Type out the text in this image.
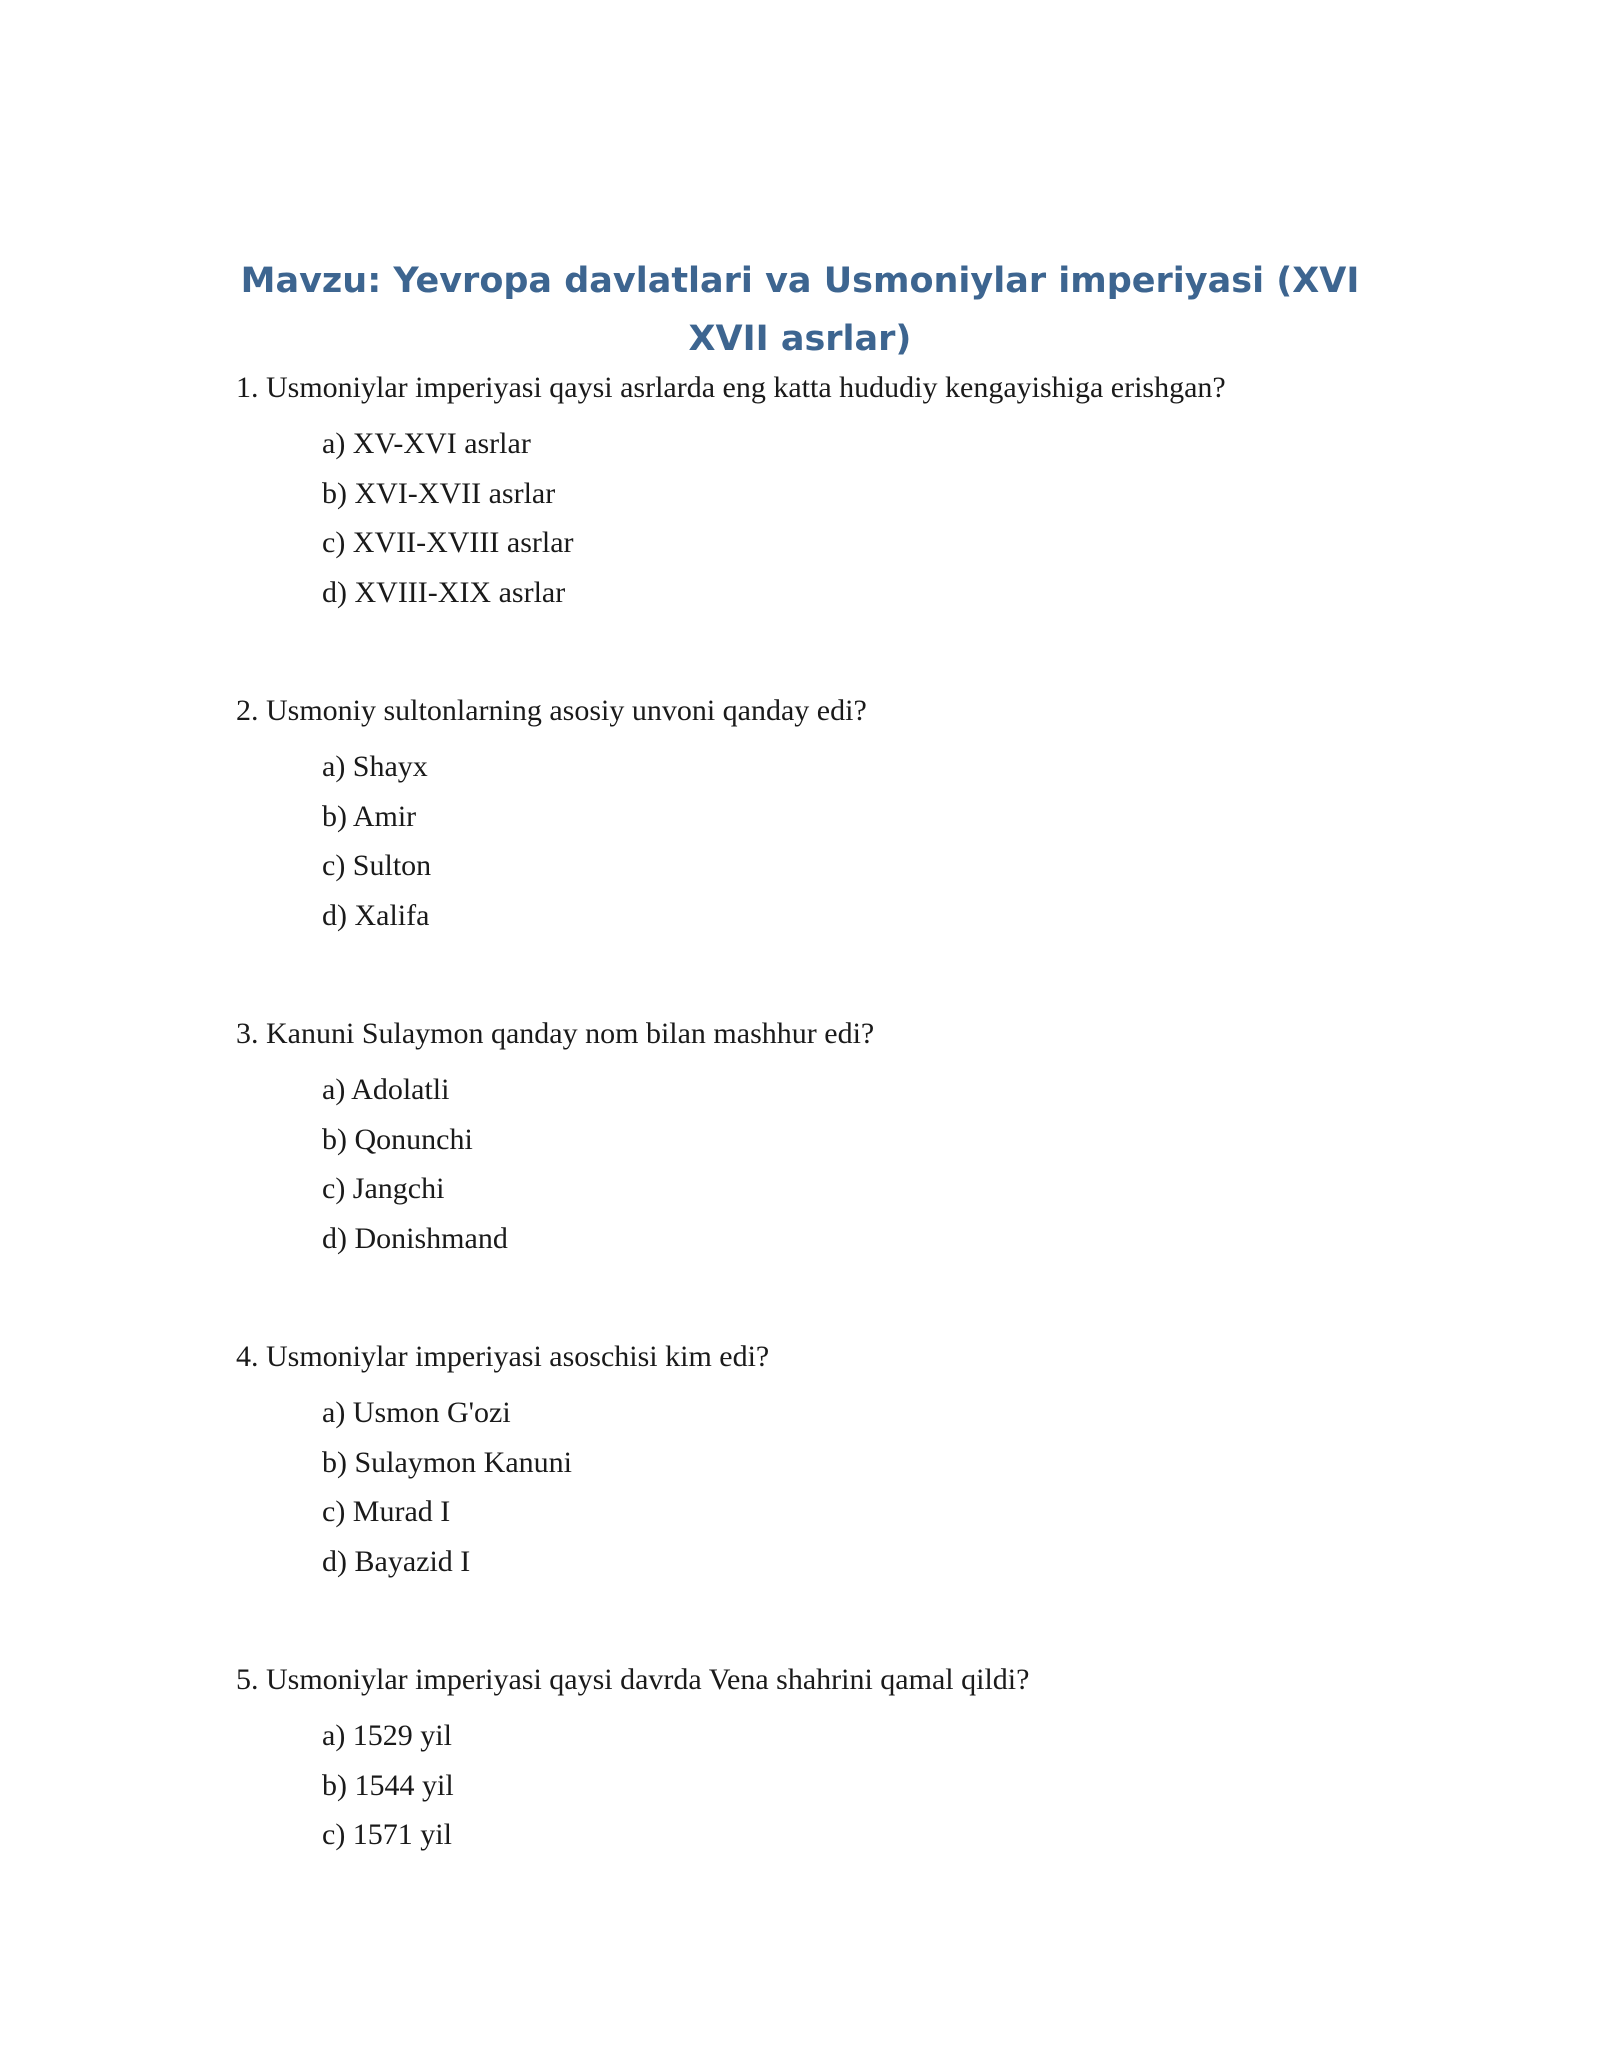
Mavzu: Yevropa davlatlari va Usmoniylar imperiyasi (XVI XVII asrlar)

1. Usmoniylar imperiyasi qaysi asrlarda eng katta hududiy kengayishiga erishgan?

a) XV-XVI asrlar
b) XVI-XVII asrlar
c) XVII-XVIII asrlar
d) XVIII-XIX asrlar

2. Usmoniy sultonlarning asosiy unvoni qanday edi?

a) Shayx
b) Amir
c) Sulton
d) Xalifa

3. Kanuni Sulaymon qanday nom bilan mashhur edi?

a) Adolatli
b) Qonunchi
c) Jangchi
d) Donishmand

4. Usmoniylar imperiyasi asoschisi kim edi?

a) Usmon G'ozi
b) Sulaymon Kanuni
c) Murad I
d) Bayazid I

5. Usmoniylar imperiyasi qaysi davrda Vena shahrini qamal qildi?

a) 1529 yil
b) 1544 yil
c) 1571 yil
